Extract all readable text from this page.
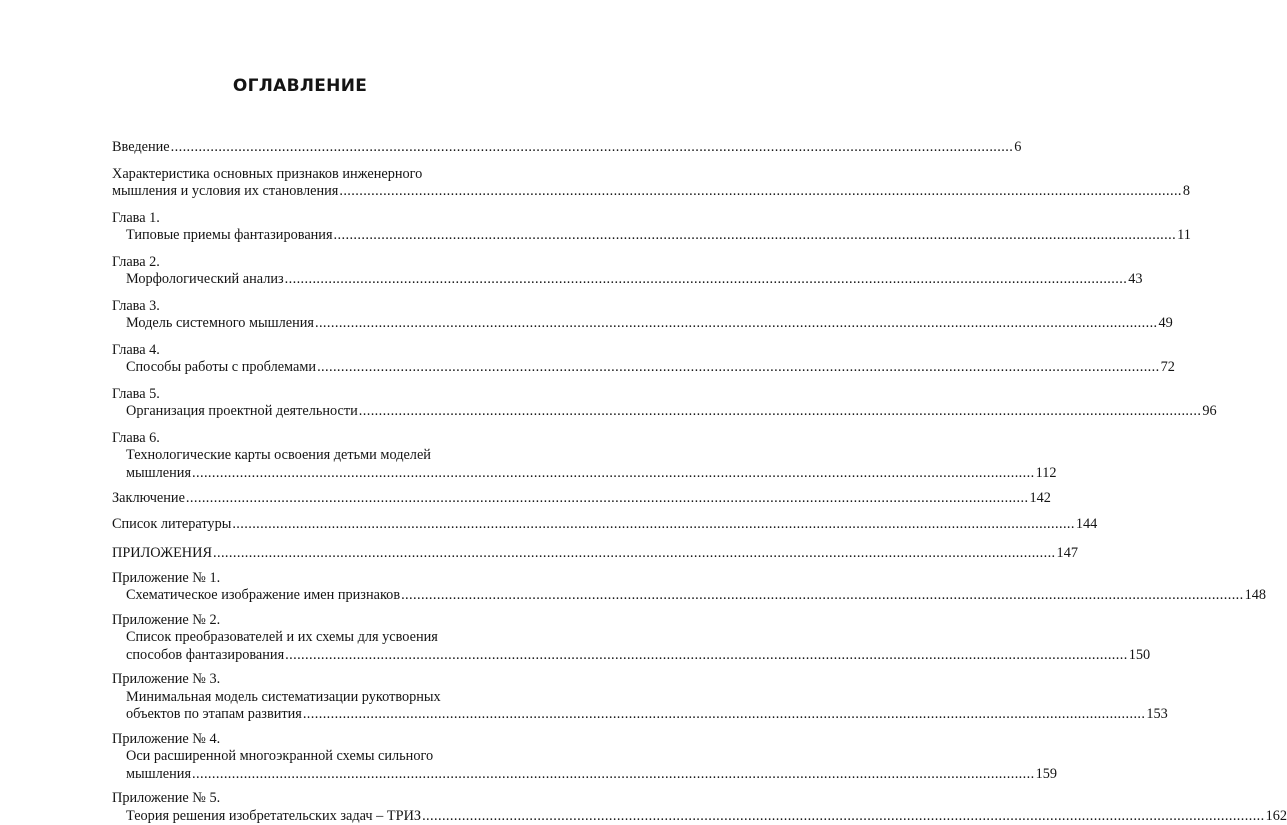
ОГЛАВЛЕНИЕ
Введение .....	6
Характеристика основных признаков инженерного
мышления и условия их становления .....	8
Глава 1.
Типовые приемы фантазирования .....	11
Глава 2.
Морфологический анализ .....	43
Глава 3.
Модель системного мышления .....	49
Глава 4.
Способы работы с проблемами .....	72
Глава 5.
Организация проектной деятельности .....	96
Глава 6.
Технологические карты освоения детьми моделей
мышления .....	112
Заключение .....	142
Список литературы .....	144
ПРИЛОЖЕНИЯ .....	147
Приложение № 1.
Схематическое изображение имен признаков .....	148
Приложение № 2.
Список преобразователей и их схемы для усвоения
способов фантазирования .....	150
Приложение № 3.
Минимальная модель систематизации рукотворных
объектов по этапам развития .....	153
Приложение № 4.
Оси расширенной многоэкранной схемы сильного
мышления .....	159
Приложение № 5.
Теория решения изобретательских задач – ТРИЗ .....	162
